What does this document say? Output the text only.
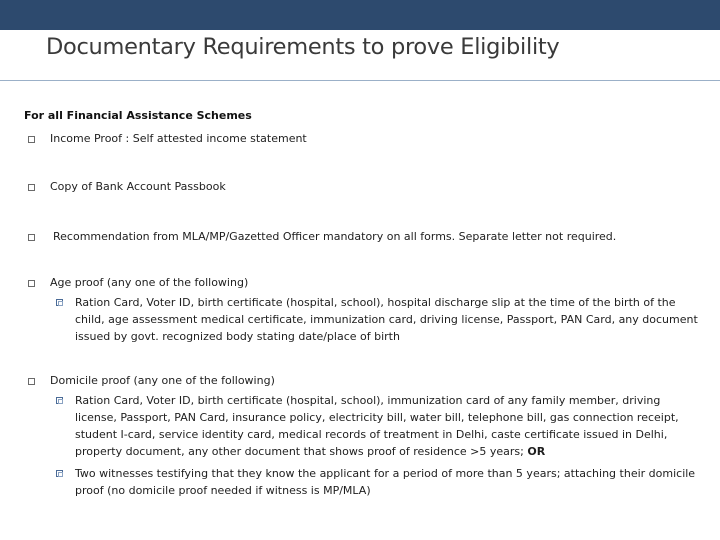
Documentary Requirements to prove Eligibility
For all Financial Assistance Schemes
Income Proof : Self attested income statement
Copy of Bank Account Passbook
Recommendation from MLA/MP/Gazetted Officer mandatory on all forms. Separate letter not required.
Age proof (any one of the following)
Ration Card, Voter ID, birth certificate (hospital, school), hospital discharge slip at the time of the birth of the child, age assessment medical certificate, immunization card, driving license, Passport, PAN Card, any document issued by govt. recognized body stating date/place of birth
Domicile proof (any one of the following)
Ration Card, Voter ID, birth certificate (hospital, school), immunization card of any family member, driving license, Passport, PAN Card, insurance policy, electricity bill, water bill, telephone bill, gas connection receipt, student I-card, service identity card, medical records of treatment in Delhi, caste certificate issued in Delhi, property document, any other document that shows proof of residence >5 years; OR
Two witnesses testifying that they know the applicant for a period of more than 5 years; attaching their domicile proof (no domicile proof needed if witness is MP/MLA)
